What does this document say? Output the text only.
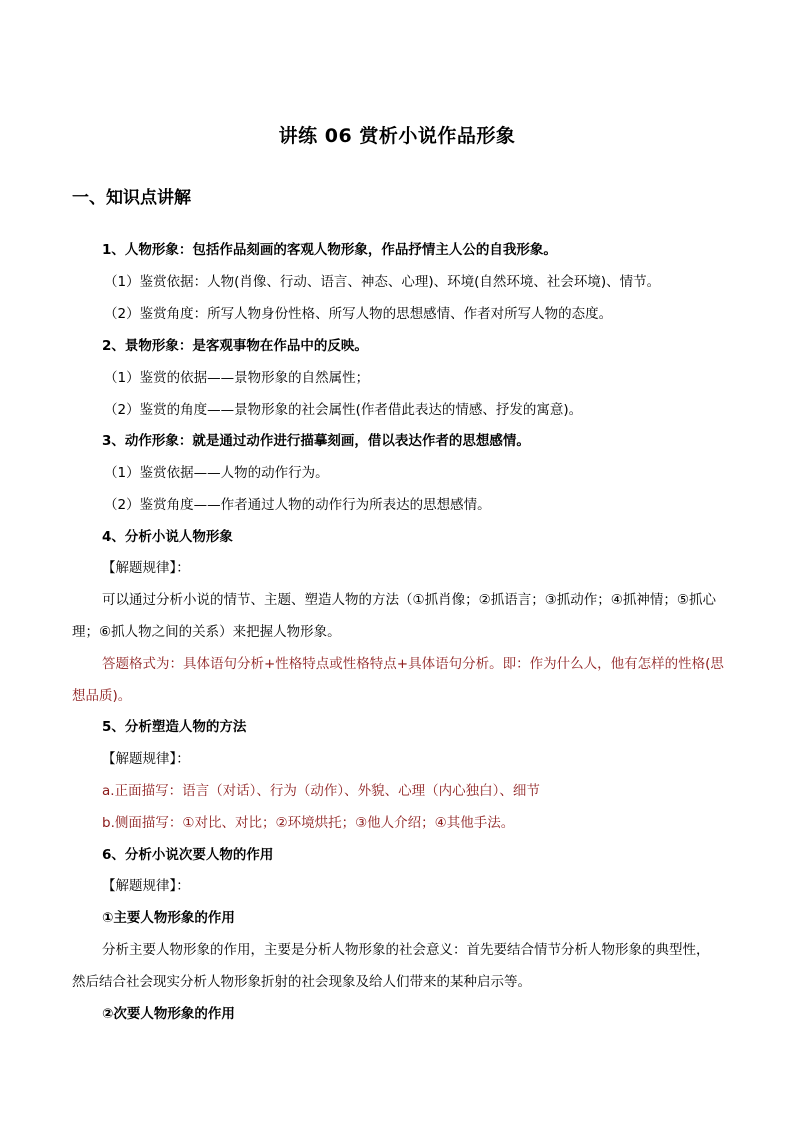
讲练 06 赏析小说作品形象
一、知识点讲解
1、人物形象：包括作品刻画的客观人物形象，作品抒情主人公的自我形象。
（1）鉴赏依据：人物(肖像、行动、语言、神态、心理)、环境(自然环境、社会环境)、情节。
（2）鉴赏角度：所写人物身份性格、所写人物的思想感情、作者对所写人物的态度。
2、景物形象：是客观事物在作品中的反映。
（1）鉴赏的依据——景物形象的自然属性；
（2）鉴赏的角度——景物形象的社会属性(作者借此表达的情感、抒发的寓意)。
3、动作形象：就是通过动作进行描摹刻画，借以表达作者的思想感情。
（1）鉴赏依据——人物的动作行为。
（2）鉴赏角度——作者通过人物的动作行为所表达的思想感情。
4、分析小说人物形象
【解题规律】：
可以通过分析小说的情节、主题、塑造人物的方法（①抓肖像；②抓语言；③抓动作；④抓神情；⑤抓心
理；⑥抓人物之间的关系）来把握人物形象。
答题格式为：具体语句分析+性格特点或性格特点+具体语句分析。即：作为什么人，他有怎样的性格(思
想品质)。
5、分析塑造人物的方法
【解题规律】：
a.正面描写：语言（对话）、行为（动作）、外貌、心理（内心独白）、细节
b.侧面描写：①对比、对比；②环境烘托；③他人介绍；④其他手法。
6、分析小说次要人物的作用
【解题规律】：
①主要人物形象的作用
分析主要人物形象的作用，主要是分析人物形象的社会意义：首先要结合情节分析人物形象的典型性，
然后结合社会现实分析人物形象折射的社会现象及给人们带来的某种启示等。
②次要人物形象的作用
